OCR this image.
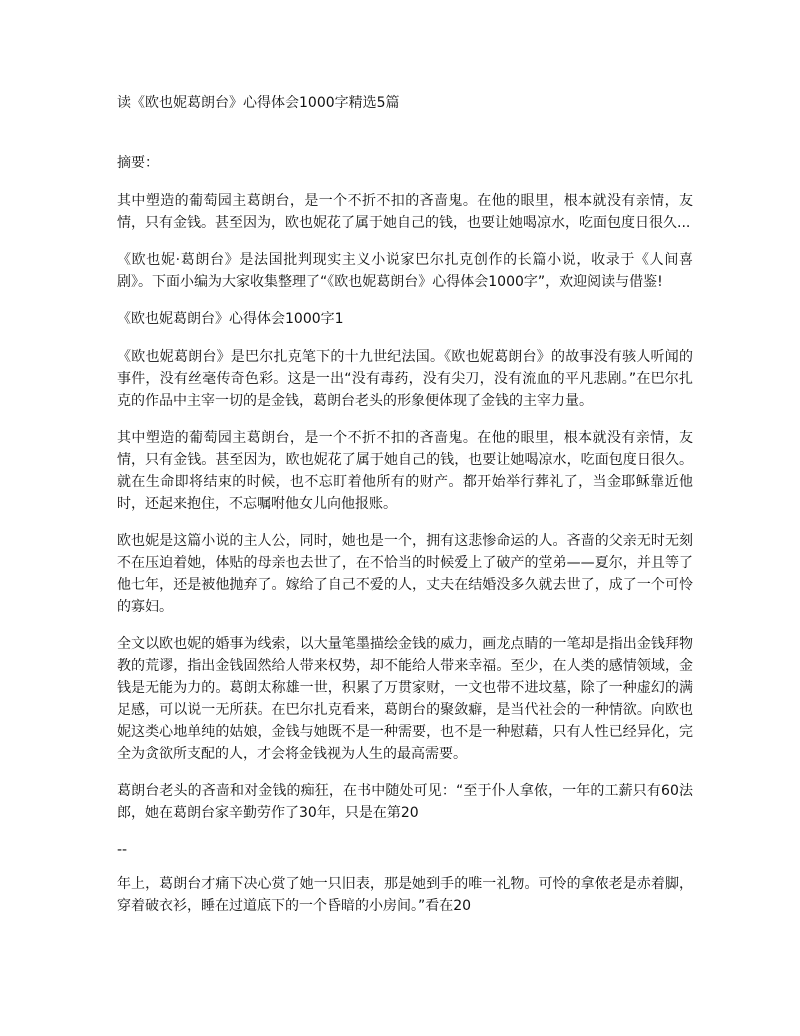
读《欧也妮葛朗台》心得体会1000字精选5篇

摘要：

其中塑造的葡萄园主葛朗台，是一个不折不扣的吝啬鬼。在他的眼里，根本就没有亲情，友情，只有金钱。甚至因为，欧也妮花了属于她自己的钱，也要让她喝凉水，吃面包度日很久...

《欧也妮·葛朗台》是法国批判现实主义小说家巴尔扎克创作的长篇小说，收录于《人间喜剧》。下面小编为大家收集整理了“《欧也妮葛朗台》心得体会1000字”，欢迎阅读与借鉴!

《欧也妮葛朗台》心得体会1000字1

《欧也妮葛朗台》是巴尔扎克笔下的十九世纪法国。《欧也妮葛朗台》的故事没有骇人听闻的事件，没有丝毫传奇色彩。这是一出“没有毒药，没有尖刀，没有流血的平凡悲剧。”在巴尔扎克的作品中主宰一切的是金钱，葛朗台老头的形象便体现了金钱的主宰力量。

其中塑造的葡萄园主葛朗台，是一个不折不扣的吝啬鬼。在他的眼里，根本就没有亲情，友情，只有金钱。甚至因为，欧也妮花了属于她自己的钱，也要让她喝凉水，吃面包度日很久。就在生命即将结束的时候，也不忘盯着他所有的财产。都开始举行葬礼了，当金耶稣靠近他时，还起来抱住，不忘嘱咐他女儿向他报账。

欧也妮是这篇小说的主人公，同时，她也是一个，拥有这悲惨命运的人。吝啬的父亲无时无刻不在压迫着她，体贴的母亲也去世了，在不恰当的时候爱上了破产的堂弟——夏尔，并且等了他七年，还是被他抛弃了。嫁给了自己不爱的人，丈夫在结婚没多久就去世了，成了一个可怜的寡妇。

全文以欧也妮的婚事为线索，以大量笔墨描绘金钱的威力，画龙点睛的一笔却是指出金钱拜物教的荒谬，指出金钱固然给人带来权势，却不能给人带来幸福。至少，在人类的感情领域，金钱是无能为力的。葛朗太称雄一世，积累了万贯家财，一文也带不进坟墓，除了一种虚幻的满足感，可以说一无所获。在巴尔扎克看来，葛朗台的聚敛癖，是当代社会的一种情欲。向欧也妮这类心地单纯的姑娘，金钱与她既不是一种需要，也不是一种慰藉，只有人性已经异化，完全为贪欲所支配的人，才会将金钱视为人生的最高需要。

葛朗台老头的吝啬和对金钱的痴狂，在书中随处可见：“至于仆人拿侬，一年的工薪只有60法郎，她在葛朗台家辛勤劳作了30年，只是在第20

--

年上，葛朗台才痛下决心赏了她一只旧表，那是她到手的唯一礼物。可怜的拿侬老是赤着脚，穿着破衣衫，睡在过道底下的一个昏暗的小房间。”看在20
